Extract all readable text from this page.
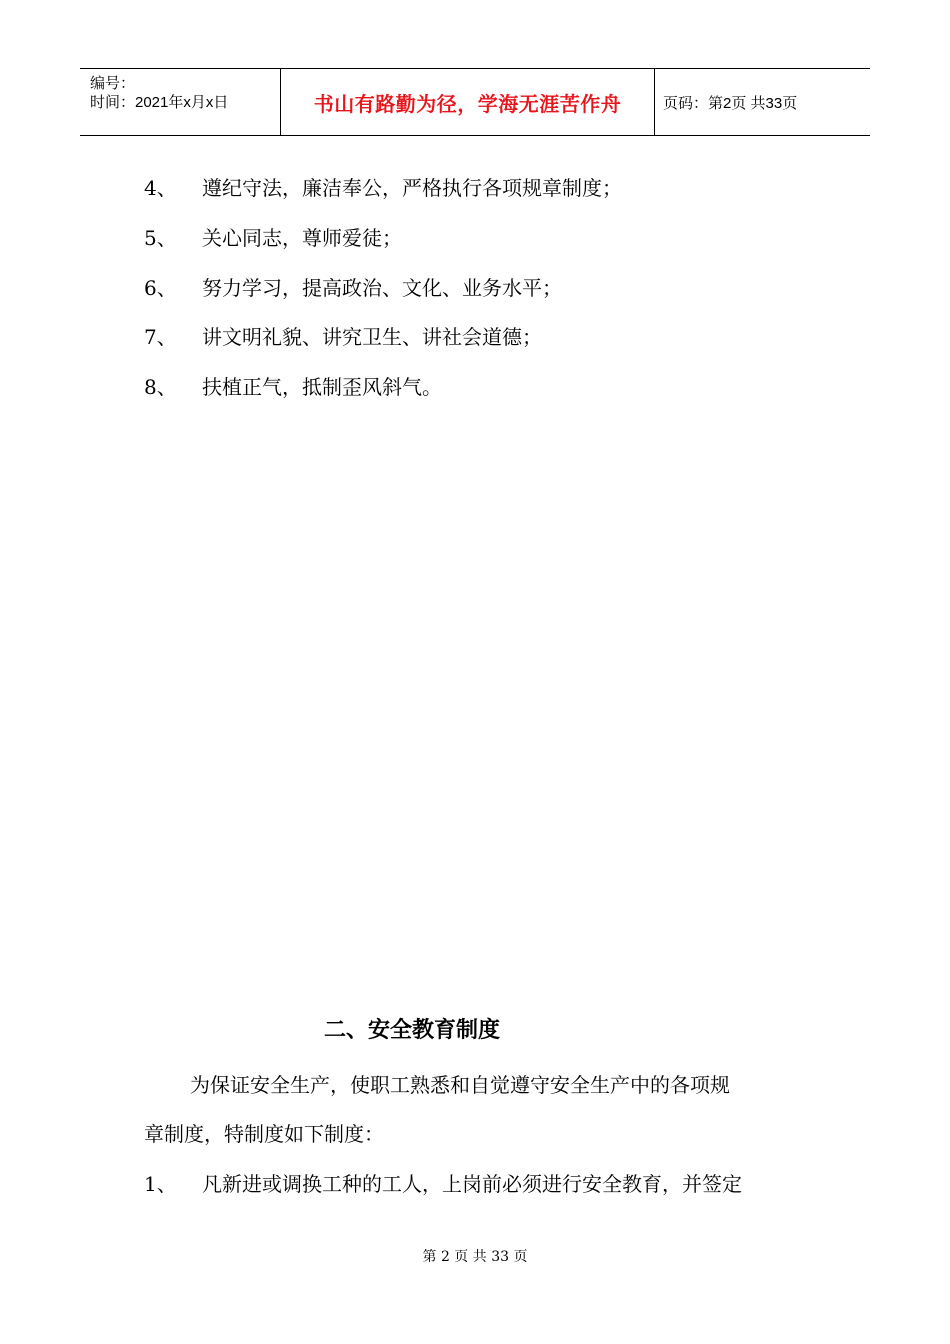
编号：
时间：2021年x月x日	书山有路勤为径，学海无涯苦作舟	页码：第2页 共33页
4、 遵纪守法，廉洁奉公，严格执行各项规章制度；
5、 关心同志，尊师爱徒；
6、 努力学习，提高政治、文化、业务水平；
7、 讲文明礼貌、讲究卫生、讲社会道德；
8、 扶植正气，抵制歪风斜气。
二、安全教育制度
为保证安全生产，使职工熟悉和自觉遵守安全生产中的各项规
章制度，特制度如下制度：
1、 凡新进或调换工种的工人，上岗前必须进行安全教育，并签定
第 2 页 共 33 页
